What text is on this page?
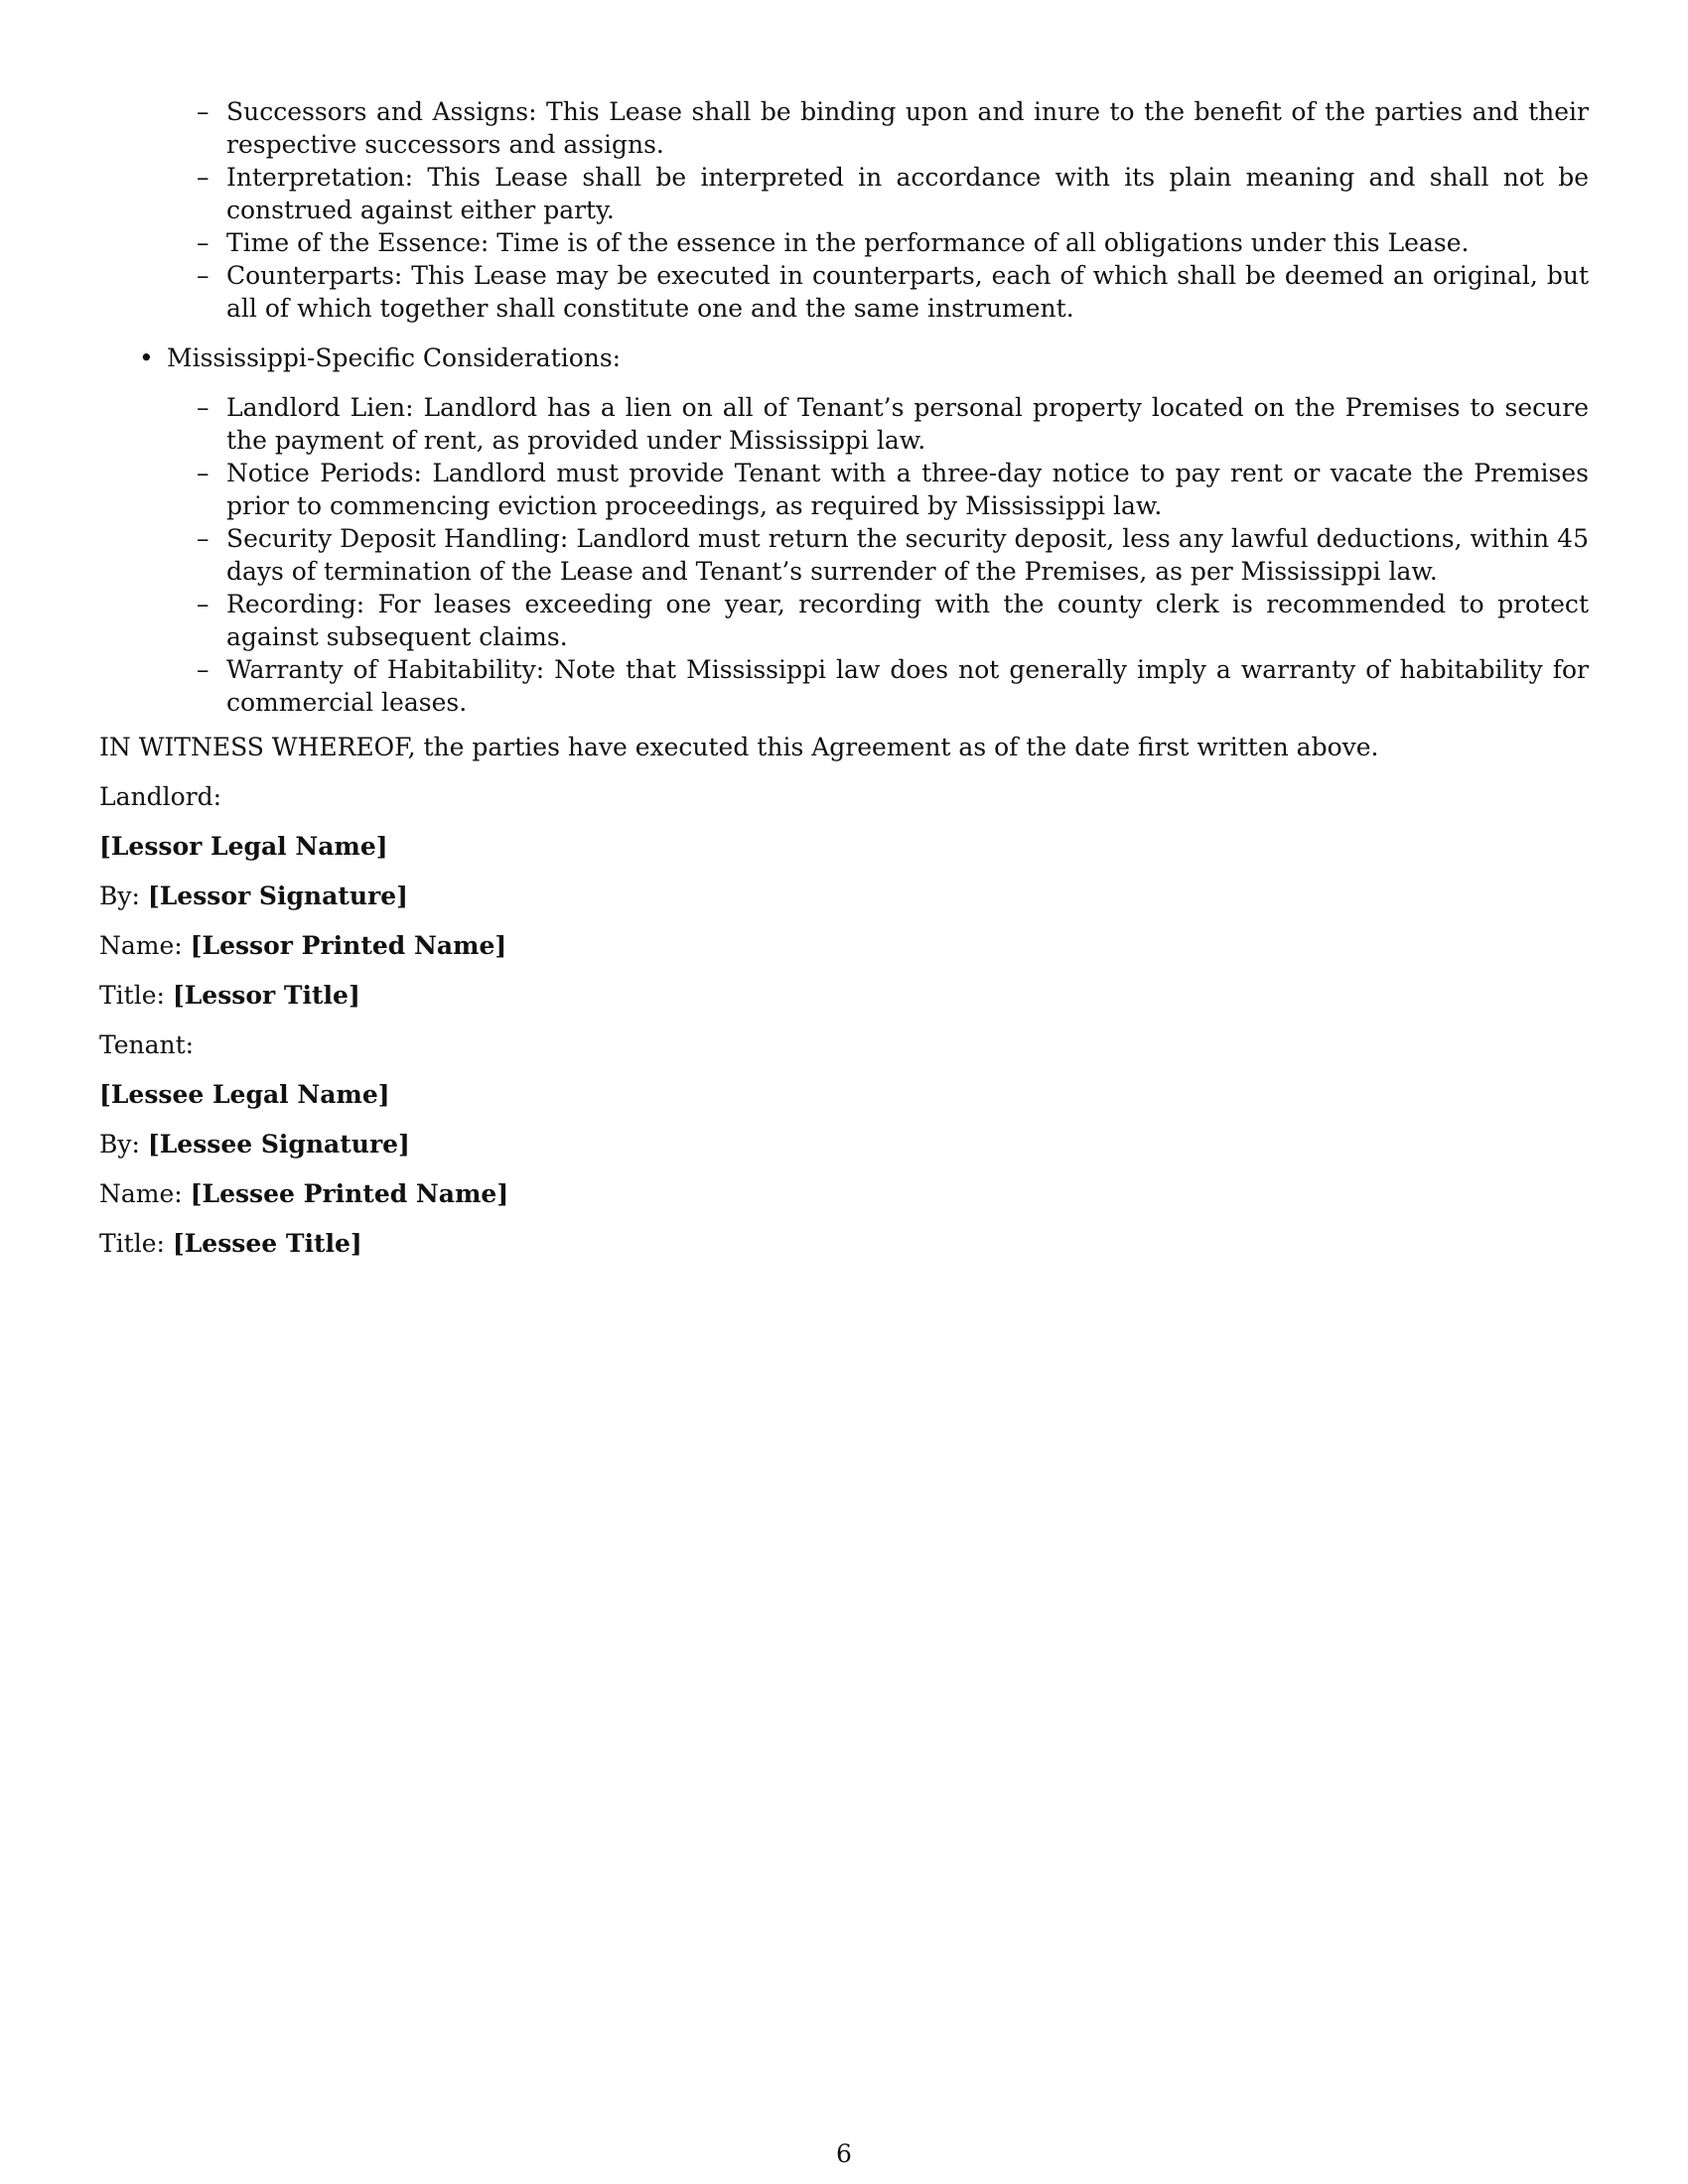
– Successors and Assigns: This Lease shall be binding upon and inure to the benefit of the parties and their respective successors and assigns.
– Interpretation: This Lease shall be interpreted in accordance with its plain meaning and shall not be construed against either party.
– Time of the Essence: Time is of the essence in the performance of all obligations under this Lease.
– Counterparts: This Lease may be executed in counterparts, each of which shall be deemed an original, but all of which together shall constitute one and the same instrument.
• Mississippi-Specific Considerations:
– Landlord Lien: Landlord has a lien on all of Tenant’s personal property located on the Premises to secure the payment of rent, as provided under Mississippi law.
– Notice Periods: Landlord must provide Tenant with a three-day notice to pay rent or vacate the Premises prior to commencing eviction proceedings, as required by Mississippi law.
– Security Deposit Handling: Landlord must return the security deposit, less any lawful deductions, within 45 days of termination of the Lease and Tenant’s surrender of the Premises, as per Mississippi law.
– Recording: For leases exceeding one year, recording with the county clerk is recommended to protect against subsequent claims.
– Warranty of Habitability: Note that Mississippi law does not generally imply a warranty of habitability for commercial leases.

IN WITNESS WHEREOF, the parties have executed this Agreement as of the date first written above.

Landlord:

[Lessor Legal Name]

By: [Lessor Signature]

Name: [Lessor Printed Name]

Title: [Lessor Title]

Tenant:

[Lessee Legal Name]

By: [Lessee Signature]

Name: [Lessee Printed Name]

Title: [Lessee Title]

6
